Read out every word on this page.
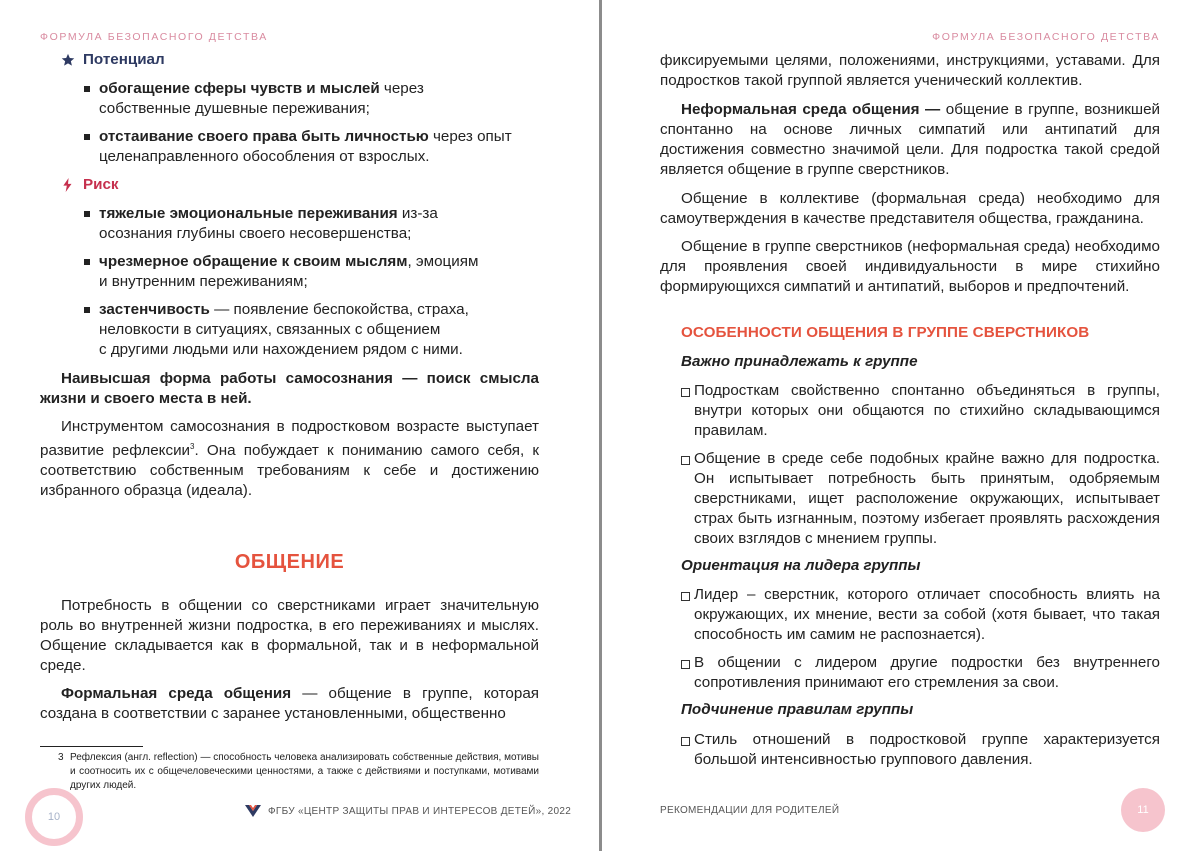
ФОРМУЛА БЕЗОПАСНОГО ДЕТСТВА
Потенциал
обогащение сферы чувств и мыслей через
собственные душевные переживания;
отстаивание своего права быть личностью через опыт
целенаправленного обособления от взрослых.
Риск
тяжелые эмоциональные переживания из-за
осознания глубины своего несовершенства;
чрезмерное обращение к своим мыслям, эмоциям
и внутренним переживаниям;
застенчивость — появление беспокойства, страха,
неловкости в ситуациях, связанных с общением
с другими людьми или нахождением рядом с ними.
Наивысшая форма работы самосознания — поиск смысла жизни и своего места в ней.
Инструментом самосознания в подростковом возрасте выступает развитие рефлексии$^3$. Она побуждает к пониманию самого себя, к соответствию собственным требованиям к себе и достижению избранного образца (идеала).
ОБЩЕНИЕ
Потребность в общении со сверстниками играет значительную роль во внутренней жизни подростка, в его переживаниях и мыслях. Общение складывается как в формальной, так и в неформальной среде.
Формальная среда общения — общение в группе, которая создана в соответствии с заранее установленными, общественно
3 Рефлексия (англ. reflection) — способность человека анализировать собственные действия, мотивы и соотносить их с общечеловеческими ценностями, а также с действиями и поступками, мотивами других людей.
10	ФГБУ «ЦЕНТР ЗАЩИТЫ ПРАВ И ИНТЕРЕСОВ ДЕТЕЙ», 2022
ФОРМУЛА БЕЗОПАСНОГО ДЕТСТВА
фиксируемыми целями, положениями, инструкциями, уставами. Для подростков такой группой является ученический коллектив.
Неформальная среда общения — общение в группе, возникшей спонтанно на основе личных симпатий или антипатий для достижения совместно значимой цели. Для подростка такой средой является общение в группе сверстников.
Общение в коллективе (формальная среда) необходимо для самоутверждения в качестве представителя общества, гражданина.
Общение в группе сверстников (неформальная среда) необходимо для проявления своей индивидуальности в мире стихийно формирующихся симпатий и антипатий, выборов и предпочтений.
ОСОБЕННОСТИ ОБЩЕНИЯ В ГРУППЕ СВЕРСТНИКОВ
Важно принадлежать к группе
Подросткам свойственно спонтанно объединяться в группы, внутри которых они общаются по стихийно складывающимся правилам.
Общение в среде себе подобных крайне важно для подростка. Он испытывает потребность быть принятым, одобряемым сверстниками, ищет расположение окружающих, испытывает страх быть изгнанным, поэтому избегает проявлять расхождения своих взглядов с мнением группы.
Ориентация на лидера группы
Лидер – сверстник, которого отличает способность влиять на окружающих, их мнение, вести за собой (хотя бывает, что такая способность им самим не распознается).
В общении с лидером другие подростки без внутреннего сопротивления принимают его стремления за свои.
Подчинение правилам группы
Стиль отношений в подростковой группе характеризуется большой интенсивностью группового давления.
РЕКОМЕНДАЦИИ ДЛЯ РОДИТЕЛЕЙ	11
